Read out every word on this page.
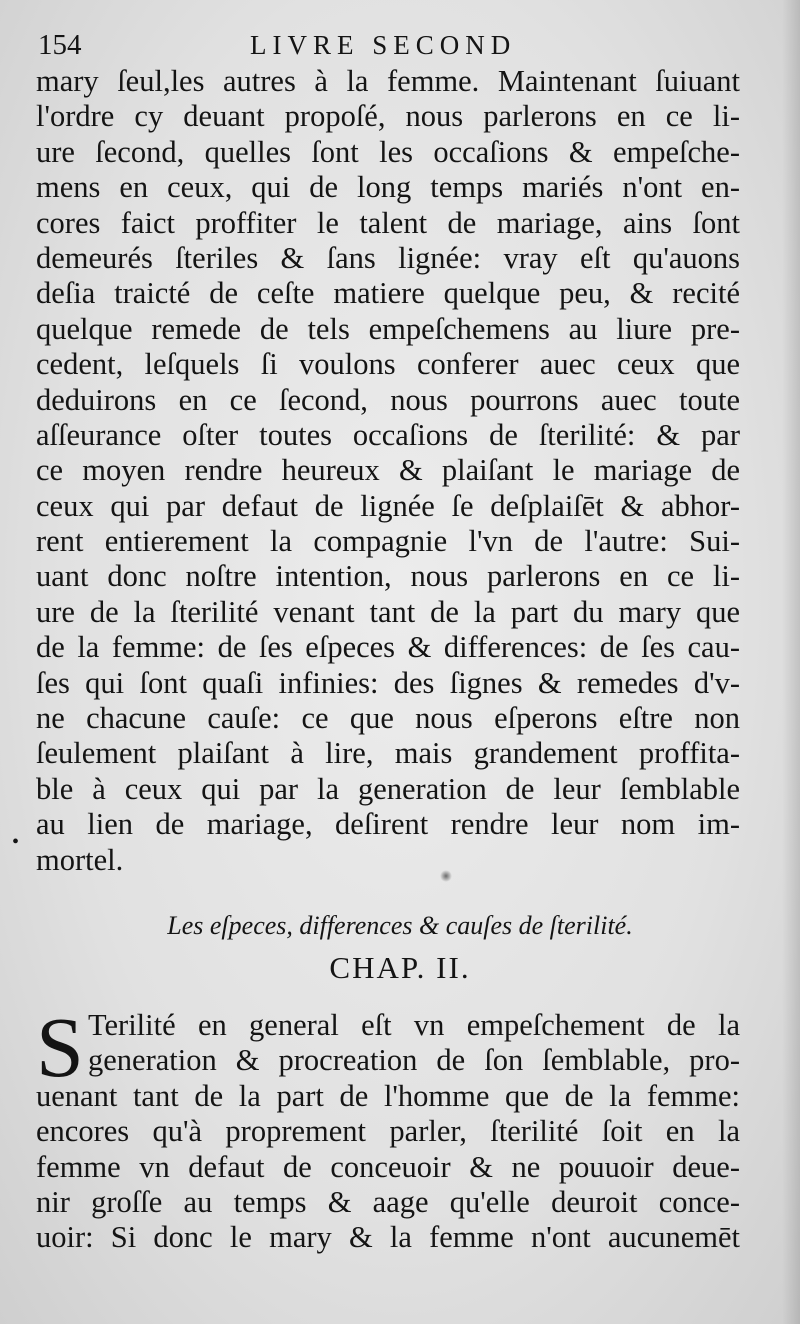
154	LIVRE SECOND
mary ſeul,les autres à la femme. Maintenant ſuiuant
l'ordre cy deuant propoſé, nous parlerons en ce li-
ure ſecond, quelles ſont les occaſions & empeſche-
mens en ceux, qui de long temps mariés n'ont en-
cores faict proffiter le talent de mariage, ains ſont
demeurés ſteriles & ſans lignée: vray eſt qu'auons
deſia traicté de ceſte matiere quelque peu, & recité
quelque remede de tels empeſchemens au liure pre-
cedent, leſquels ſi voulons conferer auec ceux que
deduirons en ce ſecond, nous pourrons auec toute
aſſeurance oſter toutes occaſions de ſterilité: & par
ce moyen rendre heureux & plaiſant le mariage de
ceux qui par defaut de lignée ſe deſplaiſēt & abhor-
rent entierement la compagnie l'vn de l'autre: Sui-
uant donc noſtre intention, nous parlerons en ce li-
ure de la ſterilité venant tant de la part du mary que
de la femme: de ſes eſpeces & differences: de ſes cau-
ſes qui ſont quaſi infinies: des ſignes & remedes d'v-
ne chacune cauſe: ce que nous eſperons eſtre non
ſeulement plaiſant à lire, mais grandement proffita-
ble à ceux qui par la generation de leur ſemblable
au lien de mariage, deſirent rendre leur nom im-
mortel.
•
Les eſpeces, differences & cauſes de ſterilité.
CHAP. II.
S Terilité en general eſt vn empeſchement de la
generation & procreation de ſon ſemblable, pro-
uenant tant de la part de l'homme que de la femme:
encores qu'à proprement parler, ſterilité ſoit en la
femme vn defaut de conceuoir & ne pouuoir deue-
nir groſſe au temps & aage qu'elle deuroit conce-
uoir: Si donc le mary & la femme n'ont aucunemēt
